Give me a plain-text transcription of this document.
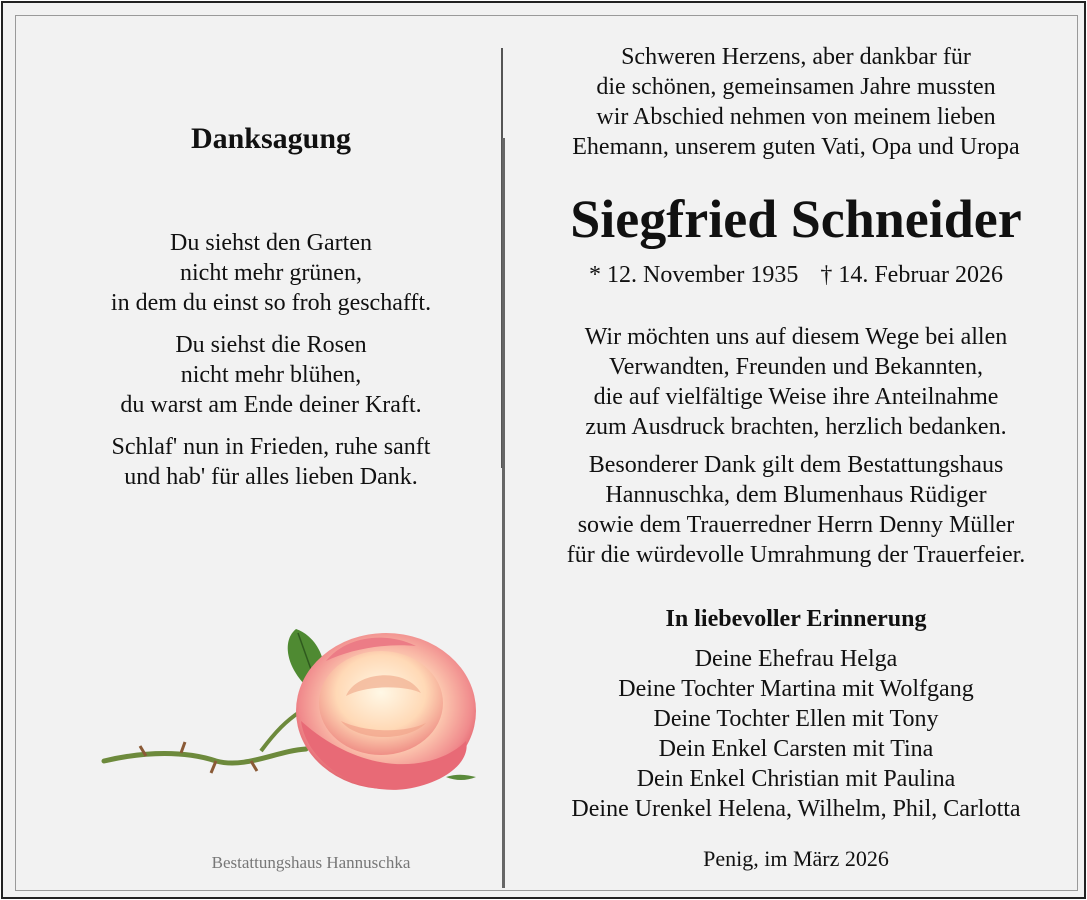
Danksagung

Du siehst den Garten
nicht mehr grünen,
in dem du einst so froh geschafft.

Du siehst die Rosen
nicht mehr blühen,
du warst am Ende deiner Kraft.

Schlaf' nun in Frieden, ruhe sanft
und hab' für alles lieben Dank.

Bestattungshaus Hannuschka
Schweren Herzens, aber dankbar für
die schönen, gemeinsamen Jahre mussten
wir Abschied nehmen von meinem lieben
Ehemann, unserem guten Vati, Opa und Uropa
Siegfried Schneider
* 12. November 1935 † 14. Februar 2026

Wir möchten uns auf diesem Wege bei allen
Verwandten, Freunden und Bekannten,
die auf vielfältige Weise ihre Anteilnahme
zum Ausdruck brachten, herzlich bedanken.

Besonderer Dank gilt dem Bestattungshaus
Hannuschka, dem Blumenhaus Rüdiger
sowie dem Trauerredner Herrn Denny Müller
für die würdevolle Umrahmung der Trauerfeier.

In liebevoller Erinnerung
Deine Ehefrau Helga
Deine Tochter Martina mit Wolfgang
Deine Tochter Ellen mit Tony
Dein Enkel Carsten mit Tina
Dein Enkel Christian mit Paulina
Deine Urenkel Helena, Wilhelm, Phil, Carlotta
Penig, im März 2026
